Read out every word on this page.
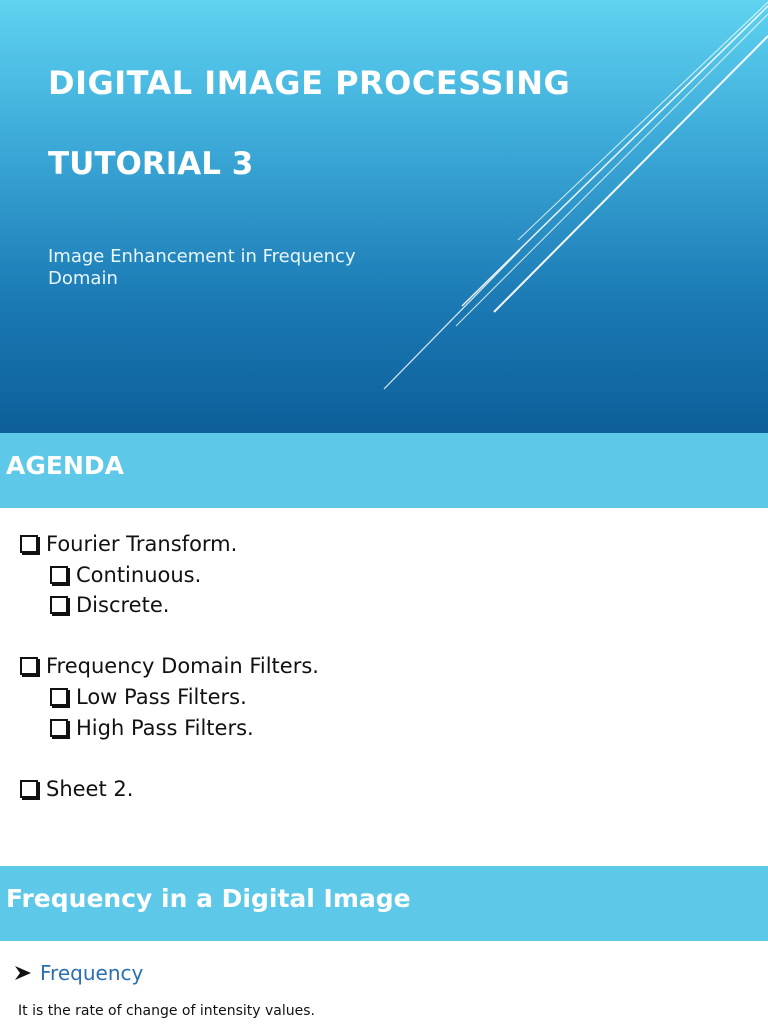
DIGITAL IMAGE PROCESSING
TUTORIAL 3
Image Enhancement in Frequency Domain
AGENDA
Fourier Transform.
Continuous.
Discrete.
Frequency Domain Filters.
Low Pass Filters.
High Pass Filters.
Sheet 2.
Frequency in a Digital Image
Frequency
It is the rate of change of intensity values.
